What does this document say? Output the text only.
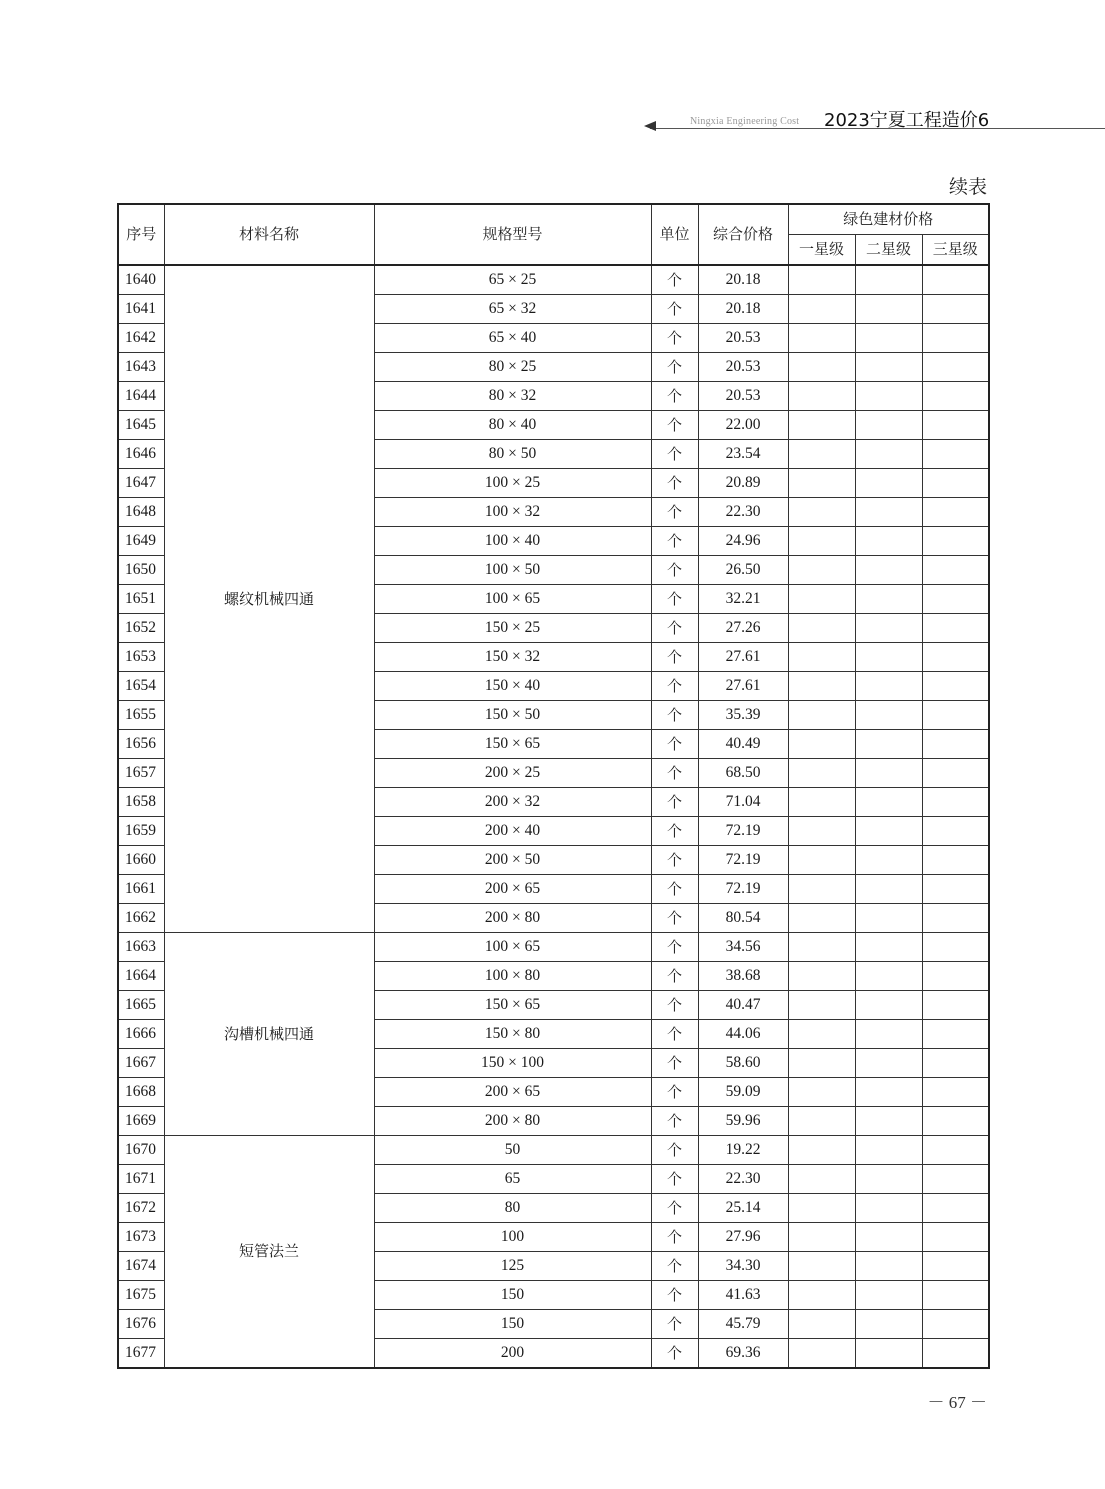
Ningxia Engineering Cost 2023宁夏工程造价6
续表
序号	材料名称	规格型号	单位	综合价格	绿色建材价格		
					一星级	二星级	三星级
1640	螺纹机械四通	65 × 25	个	20.18			
1641		65 × 32	个	20.18			
1642		65 × 40	个	20.53			
1643		80 × 25	个	20.53			
1644		80 × 32	个	20.53			
1645		80 × 40	个	22.00			
1646		80 × 50	个	23.54			
1647		100 × 25	个	20.89			
1648		100 × 32	个	22.30			
1649		100 × 40	个	24.96			
1650		100 × 50	个	26.50			
1651		100 × 65	个	32.21			
1652		150 × 25	个	27.26			
1653		150 × 32	个	27.61			
1654		150 × 40	个	27.61			
1655		150 × 50	个	35.39			
1656		150 × 65	个	40.49			
1657		200 × 25	个	68.50			
1658		200 × 32	个	71.04			
1659		200 × 40	个	72.19			
1660		200 × 50	个	72.19			
1661		200 × 65	个	72.19			
1662		200 × 80	个	80.54			
1663	沟槽机械四通	100 × 65	个	34.56			
1664		100 × 80	个	38.68			
1665		150 × 65	个	40.47			
1666		150 × 80	个	44.06			
1667		150 × 100	个	58.60			
1668		200 × 65	个	59.09			
1669		200 × 80	个	59.96			
1670	短管法兰	50	个	19.22			
1671		65	个	22.30			
1672		80	个	25.14			
1673		100	个	27.96			
1674		125	个	34.30			
1675		150	个	41.63			
1676		150	个	45.79			
1677		200	个	69.36			
－ 67 －
